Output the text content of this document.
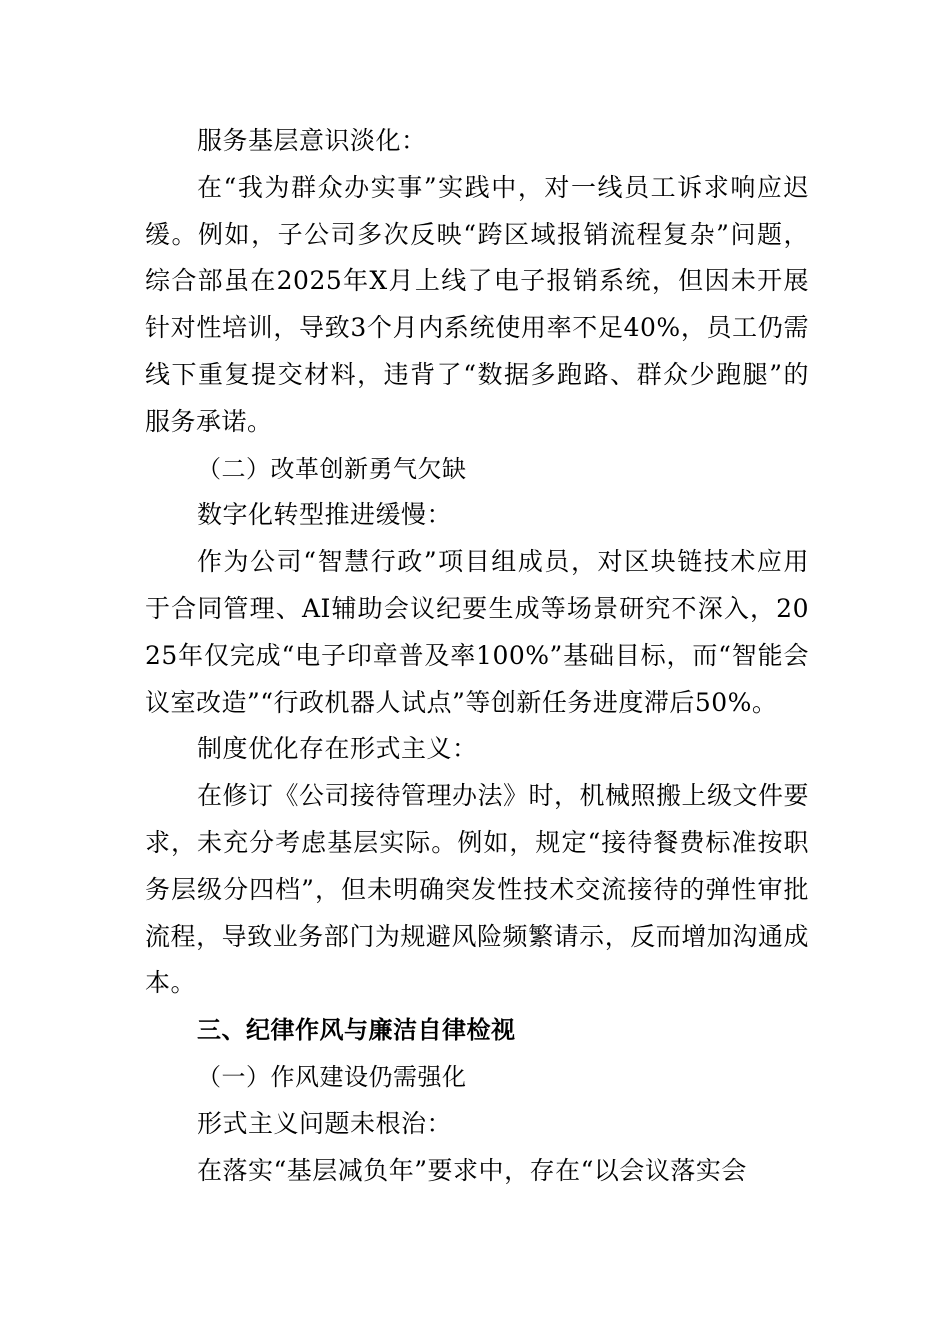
服务基层意识淡化：

在“我为群众办实事”实践中，对一线员工诉求响应迟缓。例如，子公司多次反映“跨区域报销流程复杂”问题，综合部虽在2025年X月上线了电子报销系统，但因未开展针对性培训，导致3个月内系统使用率不足40%，员工仍需线下重复提交材料，违背了“数据多跑路、群众少跑腿”的服务承诺。

（二）改革创新勇气欠缺

数字化转型推进缓慢：

作为公司“智慧行政”项目组成员，对区块链技术应用于合同管理、AI辅助会议纪要生成等场景研究不深入，2025年仅完成“电子印章普及率100%”基础目标，而“智能会议室改造”“行政机器人试点”等创新任务进度滞后50%。

制度优化存在形式主义：

在修订《公司接待管理办法》时，机械照搬上级文件要求，未充分考虑基层实际。例如，规定“接待餐费标准按职务层级分四档”，但未明确突发性技术交流接待的弹性审批流程，导致业务部门为规避风险频繁请示，反而增加沟通成本。

三、纪律作风与廉洁自律检视

（一）作风建设仍需强化

形式主义问题未根治：

在落实“基层减负年”要求中，存在“以会议落实会
